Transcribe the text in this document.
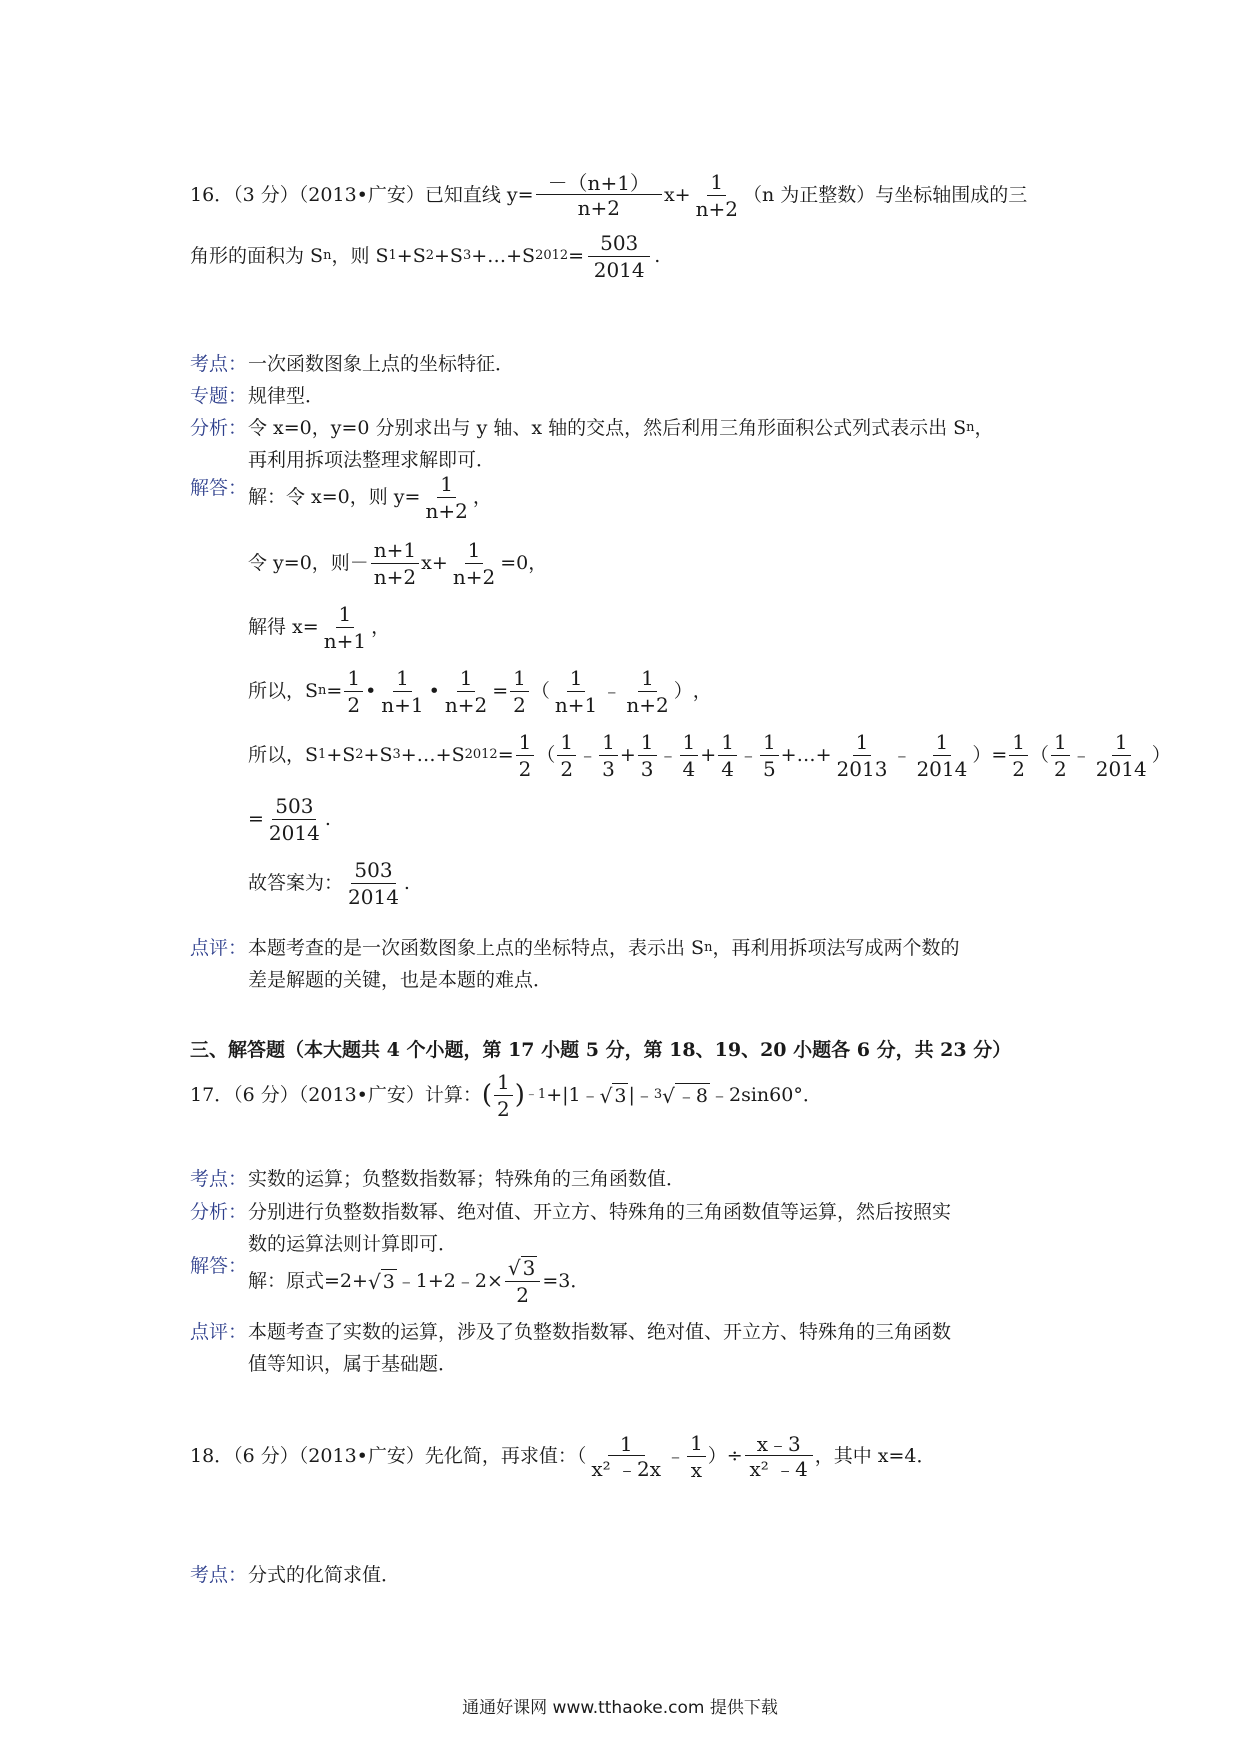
16．（3 分）（2013•广安）已知直线 $y= \frac{-(n+1)}{n+2} x+ \frac{1}{n+2} (n$ 为正整数）与坐标轴围成的三
角形的面积为 S n ，则 S 1 +S 2 +S 3 +…+S $2012 = \frac{503}{2014}$ .
考点： 一次函数图象上点的坐标特征．
专题： 规律型．
分析： 令 x=0，y=0 分别求出与 y 轴、x 轴的交点，然后利用三角形面积公式列式表示出 S n ，
再利用拆项法整理求解即可．
解答： 解：令 x=0，则 $y= \frac{1}{n+2}$ ，
令 y=0，则－ $\frac{n+1}{n+2} x+ \frac{1}{n+2} =0$，
解得 $x= \frac{1}{n+1}$ ，
所以，S $n = \frac{1}{2}$ • $\frac{1}{n+1}$ • $\frac{1}{n+2} = \frac{1}{2}$ （ $\frac{1}{n+1}$ ﹣ $\frac{1}{n+2}$ ） ，
所以，S 1 +S 2 +S 3 +…+S $2012 = \frac{1}{2}$ （ $\frac{1}{2}$ ﹣ $\frac{1}{3} + \frac{1}{3}$ ﹣ $\frac{1}{4} + \frac{1}{4}$ ﹣ $\frac{1}{5}$ +…+ $\frac{1}{2013}$ ﹣ $\frac{1}{2014}$ ） = $\frac{1}{2}$ （ $\frac{1}{2}$ ﹣ $\frac{1}{2014}$ ）
= $\frac{503}{2014}$ .
故答案为： $\frac{503}{2014}$ .
点评： 本题考查的是一次函数图象上点的坐标特点，表示出 S n ，再利用拆项法写成两个数的
差是解题的关键，也是本题的难点．
三、解答题（本大题共 4 个小题，第 17 小题 5 分，第 18、19、20 小题各 6 分，共 23 分）
17．（6 分）（2013•广安）计算： ( $\frac{1}{2}$ ) ﹣1 +|1﹣ √ 3 |﹣ 3 √ ﹣8 ﹣2sin60°．
考点： 实数的运算；负整数指数幂；特殊角的三角函数值．
分析： 分别进行负整数指数幂、绝对值、开立方、特殊角的三角函数值等运算，然后按照实
数的运算法则计算即可．
解答：
解：原式=2+ √ 3 ﹣1+2﹣2× $\frac{√ 3}{2} =3$．
点评： 本题考查了实数的运算，涉及了负整数指数幂、绝对值、开立方、特殊角的三角函数
值等知识，属于基础题．
18．（6 分）（2013•广安）先化简，再求值：（ $\frac{1}{\text{x² ﹣2x}}$ ﹣ $\frac{1}{x}$ ）÷ $\frac{x﹣3}{\text{x² ﹣4}}$ ，其中 x=4．
考点： 分式的化简求值．
通通好课网 www.tthaoke.com 提供下载
